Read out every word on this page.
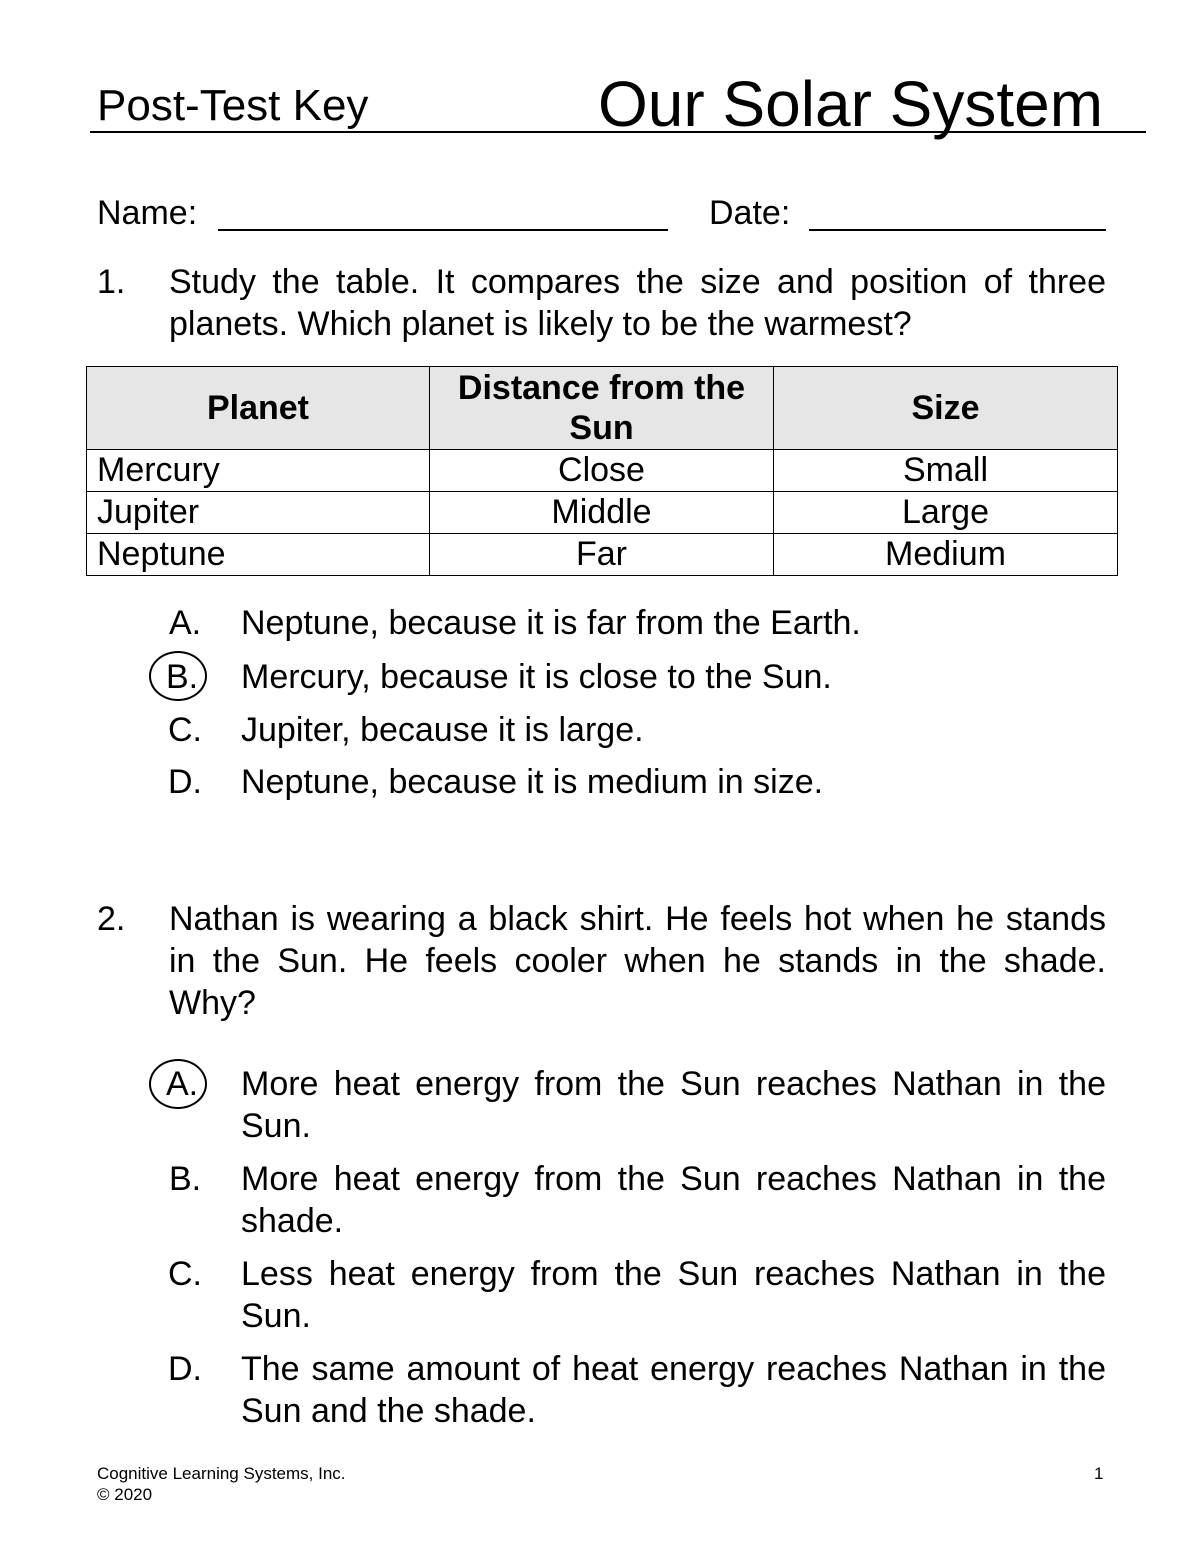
Post-Test Key	Our Solar System
Name:	Date:
1. Study the table. It compares the size and position of three planets. Which planet is likely to be the warmest?
Planet	Distance from the Sun	Size
Mercury	Close	Small
Jupiter	Middle	Large
Neptune	Far	Medium
A.	Neptune, because it is far from the Earth.
B.	Mercury, because it is close to the Sun.
C.	Jupiter, because it is large.
D.	Neptune, because it is medium in size.
2. Nathan is wearing a black shirt. He feels hot when he stands in the Sun. He feels cooler when he stands in the shade. Why?
A.	More heat energy from the Sun reaches Nathan in the Sun.
B.	More heat energy from the Sun reaches Nathan in the shade.
C.	Less heat energy from the Sun reaches Nathan in the Sun.
D.	The same amount of heat energy reaches Nathan in the Sun and the shade.
Cognitive Learning Systems, Inc.
© 2020
1
